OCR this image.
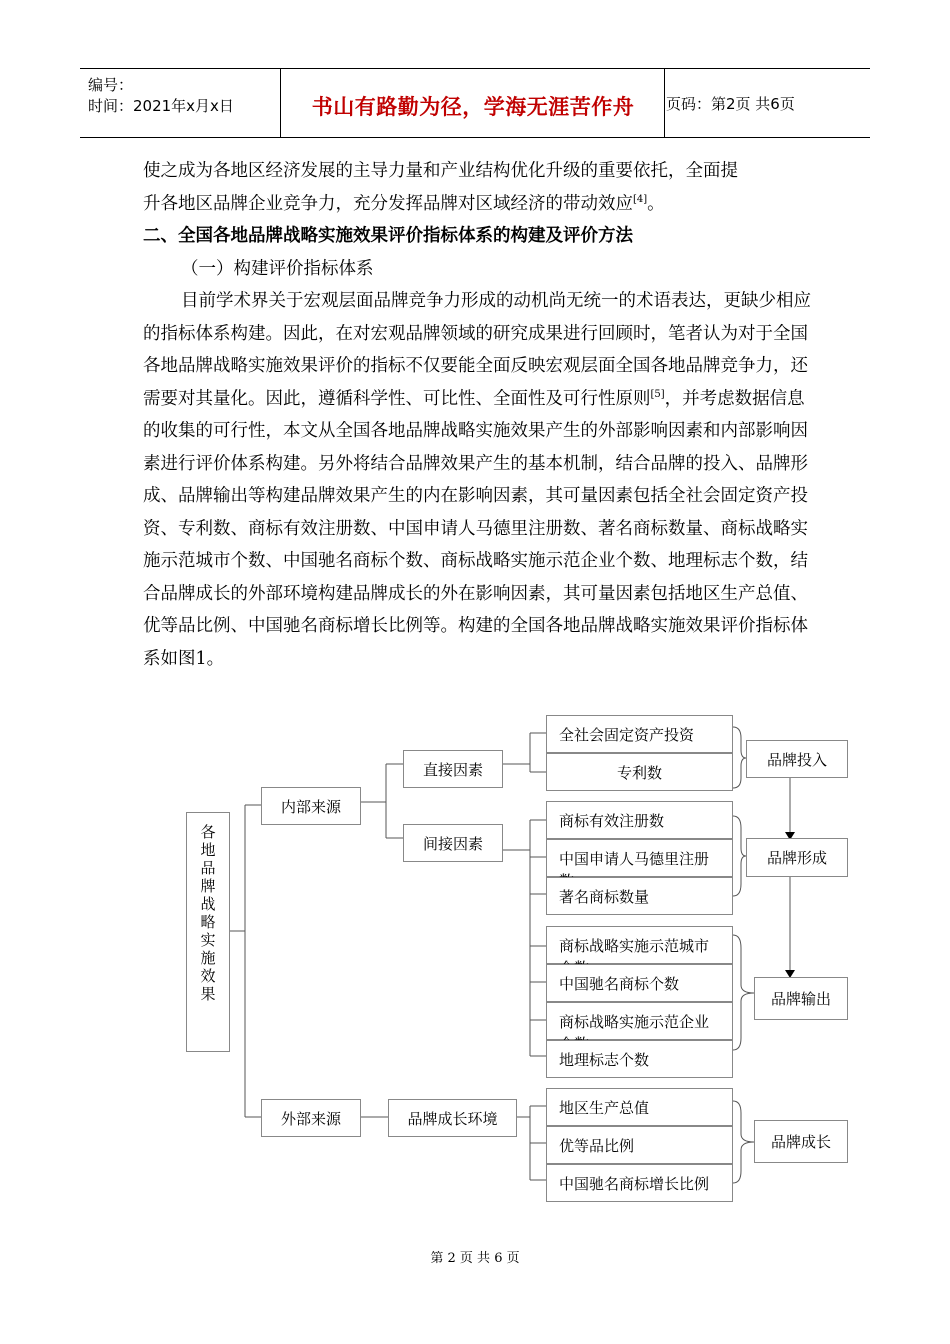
编号：
时间：2021年x月x日	书山有路勤为径，学海无涯苦作舟	页码：第2页 共6页

使之成为各地区经济发展的主导力量和产业结构优化升级的重要依托，全面提
升各地区品牌企业竞争力，充分发挥品牌对区域经济的带动效应[4]。

二、全国各地品牌战略实施效果评价指标体系的构建及评价方法

（一）构建评价指标体系

目前学术界关于宏观层面品牌竞争力形成的动机尚无统一的术语表达，更缺少相应的指标体系构建。因此，在对宏观品牌领域的研究成果进行回顾时，笔者认为对于全国各地品牌战略实施效果评价的指标不仅要能全面反映宏观层面全国各地品牌竞争力，还需要对其量化。因此，遵循科学性、可比性、全面性及可行性原则[5]，并考虑数据信息的收集的可行性，本文从全国各地品牌战略实施效果产生的外部影响因素和内部影响因素进行评价体系构建。另外将结合品牌效果产生的基本机制，结合品牌的投入、品牌形成、品牌输出等构建品牌效果产生的内在影响因素，其可量因素包括全社会固定资产投资、专利数、商标有效注册数、中国申请人马德里注册数、著名商标数量、商标战略实施示范城市个数、中国驰名商标个数、商标战略实施示范企业个数、地理标志个数，结合品牌成长的外部环境构建品牌成长的外在影响因素，其可量因素包括地区生产总值、优等品比例、中国驰名商标增长比例等。构建的全国各地品牌战略实施效果评价指标体系如图1。

各
地
品
牌
战
略
实
施
效
果
内部来源
外部来源
直接因素
间接因素
品牌成长环境
全社会固定资产投资
专利数
商标有效注册数
中国申请人马德里注册
著名商标数量
商标战略实施示范城市
中国驰名商标个数
商标战略实施示范企业
地理标志个数
地区生产总值
优等品比例
中国驰名商标增长比例
品牌投入
品牌形成
品牌输出
品牌成长
第 2 页 共 6 页
